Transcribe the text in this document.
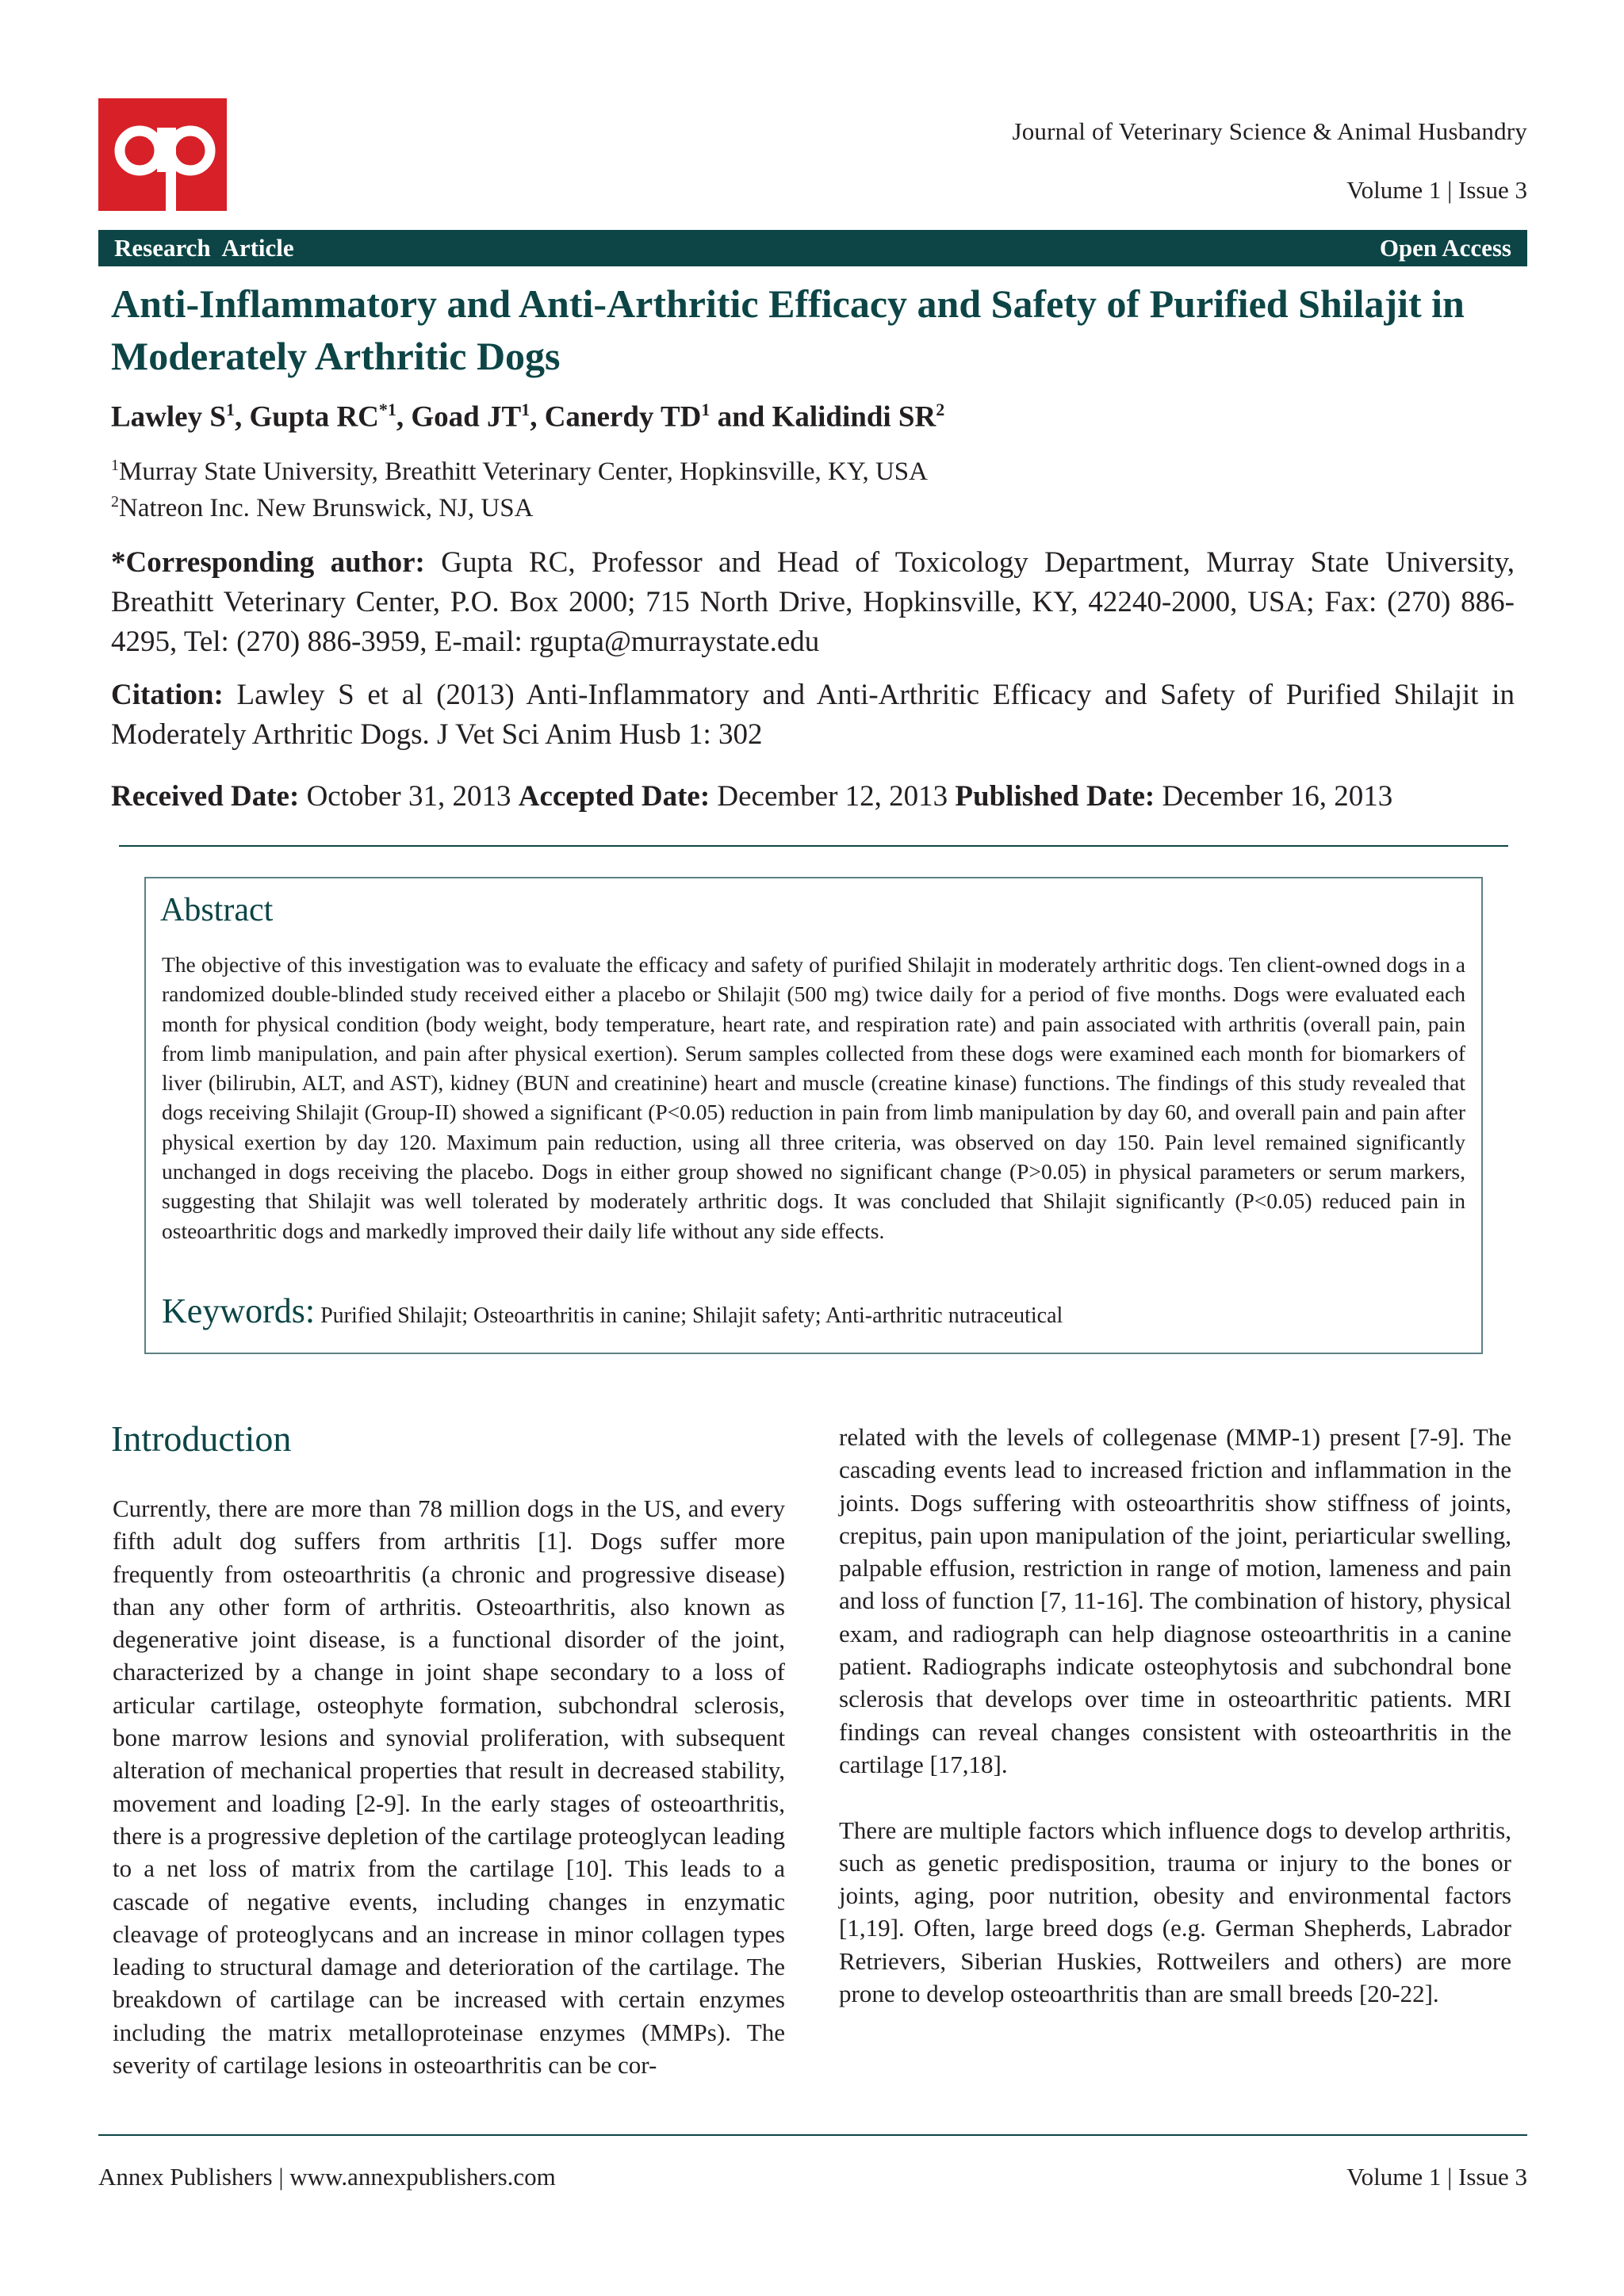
Journal of Veterinary Science & Animal Husbandry
Volume 1 | Issue 3
Research  Article	Open Access
Anti-Inflammatory and Anti-Arthritic Efficacy and Safety of Purified Shilajit in Moderately Arthritic Dogs
Lawley $S^1$, Gupta RC$^{*1}$, Goad $JT^1$, Canerdy $TD^1$ and Kalidindi $SR^2$
$^1$Murray State University, Breathitt Veterinary Center, Hopkinsville, KY, USA
$^2$Natreon Inc. New Brunswick, NJ, USA
*Corresponding author: Gupta RC, Professor and Head of Toxicology Department, Murray State University, Breathitt Veterinary Center, P.O. Box 2000; 715 North Drive, Hopkinsville, KY, 42240-2000, USA; Fax: (270) 886-4295, Tel: (270) 886-3959, E-mail: rgupta@murraystate.edu
Citation: Lawley S et al (2013) Anti-Inflammatory and Anti-Arthritic Efficacy and Safety of Purified Shilajit in Moderately Arthritic Dogs. J Vet Sci Anim Husb 1: 302
Received Date: October 31, 2013 Accepted Date: December 12, 2013 Published Date: December 16, 2013
Abstract
The objective of this investigation was to evaluate the efficacy and safety of purified Shilajit in moderately arthritic dogs. Ten client-owned dogs in a randomized double-blinded study received either a placebo or Shilajit (500 mg) twice daily for a period of five months. Dogs were evaluated each month for physical condition (body weight, body temperature, heart rate, and respiration rate) and pain associated with arthritis (overall pain, pain from limb manipulation, and pain after physical exertion). Serum samples collected from these dogs were examined each month for biomarkers of liver (bilirubin, ALT, and AST), kidney (BUN and creatinine) heart and muscle (creatine kinase) functions. The findings of this study revealed that dogs receiving Shilajit (Group-II) showed a significant (P<0.05) reduction in pain from limb manipulation by day 60, and overall pain and pain after physical exertion by day 120. Maximum pain reduction, using all three criteria, was observed on day 150. Pain level remained significantly unchanged in dogs receiving the placebo. Dogs in either group showed no significant change (P>0.05) in physical parameters or serum markers, suggesting that Shilajit was well tolerated by moderately arthritic dogs. It was concluded that Shilajit significantly (P<0.05) reduced pain in osteoarthritic dogs and markedly improved their daily life without any side effects.
Keywords: Purified Shilajit; Osteoarthritis in canine; Shilajit safety; Anti-arthritic nutraceutical
Introduction

Currently, there are more than 78 million dogs in the US, and every fifth adult dog suffers from arthritis [1]. Dogs suffer more frequently from osteoarthritis (a chronic and progressive disease) than any other form of arthritis. Osteoarthritis, also known as degenerative joint disease, is a functional disorder of the joint, characterized by a change in joint shape secondary to a loss of articular cartilage, osteophyte formation, subchondral sclerosis, bone marrow lesions and synovial proliferation, with subsequent alteration of mechanical properties that result in decreased stability, movement and loading [2-9]. In the early stages of osteoarthritis, there is a progressive depletion of the cartilage proteoglycan leading to a net loss of matrix from the cartilage [10]. This leads to a cascade of negative events, including changes in enzymatic cleavage of proteoglycans and an increase in minor collagen types leading to structural damage and deterioration of the cartilage. The breakdown of cartilage can be increased with certain enzymes including the matrix metalloproteinase enzymes (MMPs). The severity of cartilage lesions in osteoarthritis can be cor-

related with the levels of collegenase (MMP-1) present [7-9]. The cascading events lead to increased friction and inflammation in the joints. Dogs suffering with osteoarthritis show stiffness of joints, crepitus, pain upon manipulation of the joint, periarticular swelling, palpable effusion, restriction in range of motion, lameness and pain and loss of function [7, 11-16]. The combination of history, physical exam, and radiograph can help diagnose osteoarthritis in a canine patient. Radiographs indicate osteophytosis and subchondral bone sclerosis that develops over time in osteoarthritic patients. MRI findings can reveal changes consistent with osteoarthritis in the cartilage [17,18].

There are multiple factors which influence dogs to develop arthritis, such as genetic predisposition, trauma or injury to the bones or joints, aging, poor nutrition, obesity and environmental factors [1,19]. Often, large breed dogs (e.g. German Shepherds, Labrador Retrievers, Siberian Huskies, Rottweilers and others) are more prone to develop osteoarthritis than are small breeds [20-22].

Annex Publishers | www.annexpublishers.com	Volume 1 | Issue 3
